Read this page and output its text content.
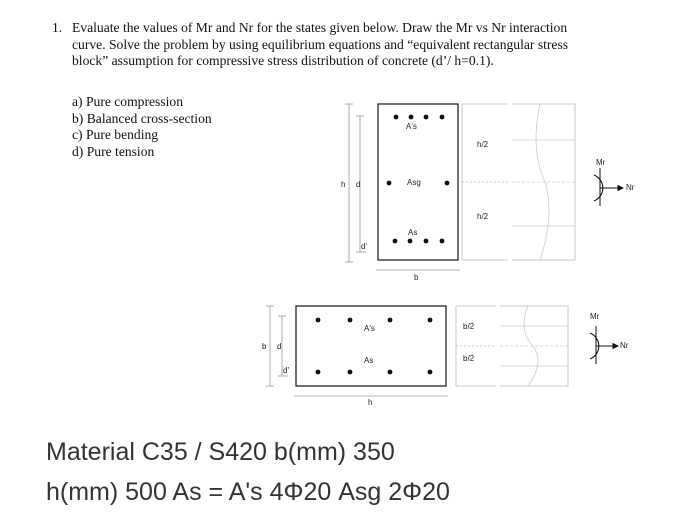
1. Evaluate the values of Mr and Nr for the states given below. Draw the Mr vs Nr interaction
curve. Solve the problem by using equilibrium equations and “equivalent rectangular stress
block” assumption for compressive stress distribution of concrete (d’/ h=0.1).
a) Pure compression
b) Balanced cross-section
c) Pure bending
d) Pure tension
A's
Asg
As
h d
d'
b
h/2
h/2
Mr
Nr
A's
As
b d
d'
h
b/2
b/2
Mr
Nr
Material C35 / S420 b(mm) 350
h(mm) 500 As = A's 4Φ20 Asg 2Φ20
